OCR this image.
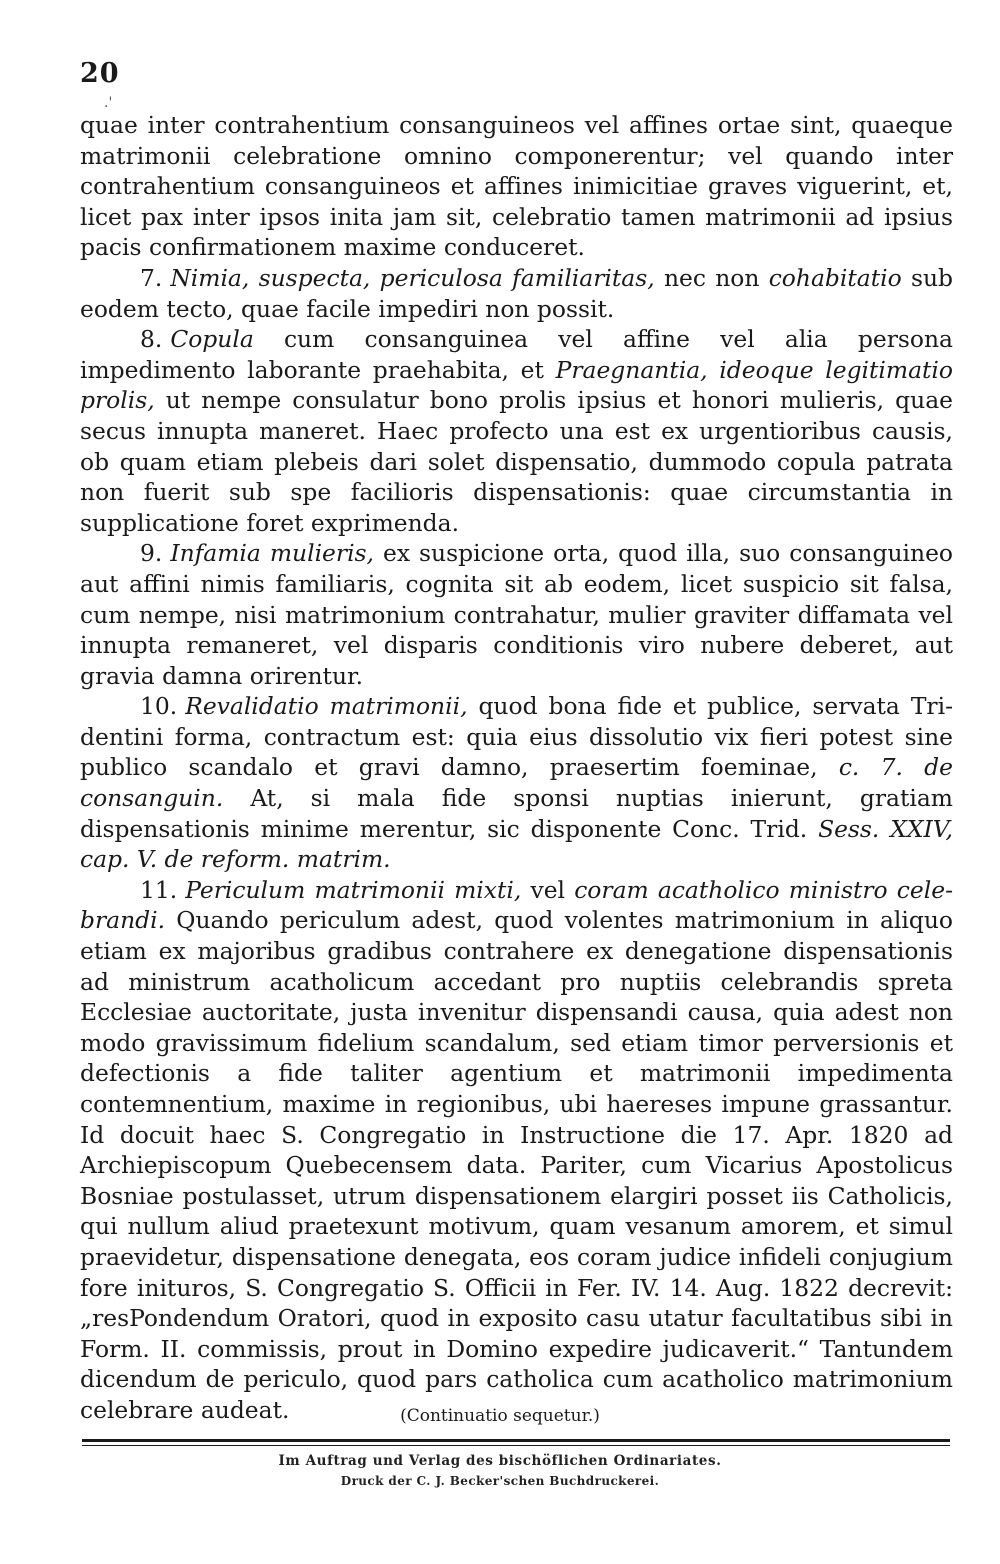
20
.'

quae inter contrahentium consanguineos vel affines ortae sint, quaeque matrimonii celebratione omnino componerentur; vel quando inter contrahentium consanguineos et affines inimicitiae graves viguerint, et, licet pax inter ipsos inita jam sit, celebratio tamen matrimonii ad ipsius pacis confirmationem maxime conduceret.

7. Nimia, suspecta, periculosa familiaritas, nec non cohabitatio sub eodem tecto, quae facile impediri non possit.

8. Copula cum consanguinea vel affine vel alia persona impedimento laborante praehabita, et Praegnantia, ideoque legitimatio prolis, ut nempe consulatur bono prolis ipsius et honori mulieris, quae secus innupta maneret. Haec profecto una est ex urgentioribus causis, ob quam etiam plebeis dari solet dispensatio, dummodo copula patrata non fuerit sub spe facilioris dispensationis: quae circumstantia in supplicatione foret exprimenda.

9. Infamia mulieris, ex suspicione orta, quod illa, suo consanguineo aut affini nimis familiaris, cognita sit ab eodem, licet suspicio sit falsa, cum nempe, nisi matrimonium contrahatur, mulier graviter diffamata vel innupta remaneret, vel disparis conditionis viro nubere deberet, aut gravia damna orirentur.

10. Revalidatio matrimonii, quod bona fide et publice, servata Tridentini forma, contractum est: quia eius dissolutio vix fieri potest sine publico scandalo et gravi damno, praesertim foeminae, c. 7. de consanguin. At, si mala fide sponsi nuptias inierunt, gratiam dispensationis minime merentur, sic disponente Conc. Trid. Sess. XXIV, cap. V. de reform. matrim.

11. Periculum matrimonii mixti, vel coram acatholico ministro celebrandi. Quando periculum adest, quod volentes matrimonium in aliquo etiam ex majoribus gradibus contrahere ex denegatione dispensationis ad ministrum acatholicum accedant pro nuptiis celebrandis spreta Ecclesiae auctoritate, justa invenitur dispensandi causa, quia adest non modo gravissimum fidelium scandalum, sed etiam timor perversionis et defectionis a fide taliter agentium et matrimonii impedimenta contemnentium, maxime in regionibus, ubi haereses impune grassantur. Id docuit haec S. Congregatio in Instructione die 17. Apr. 1820 ad Archiepiscopum Quebecensem data. Pariter, cum Vicarius Apostolicus Bosniae postulasset, utrum dispensationem elargiri posset iis Catholicis, qui nullum aliud praetexunt motivum, quam vesanum amorem, et simul praevidetur, dispensatione denegata, eos coram judice infideli conjugium fore inituros, S. Congregatio S. Officii in Fer. IV. 14. Aug. 1822 decrevit: „resPondendum Oratori, quod in exposito casu utatur facultatibus sibi in Form. II. commissis, prout in Domino expedire judicaverit.“ Tantundem dicendum de periculo, quod pars catholica cum acatholico matrimonium celebrare audeat.	(Continuatio sequetur.)
Im Auftrag und Verlag des bischöflichen Ordinariates.
Druck der C. J. Becker'schen Buchdruckerei.
